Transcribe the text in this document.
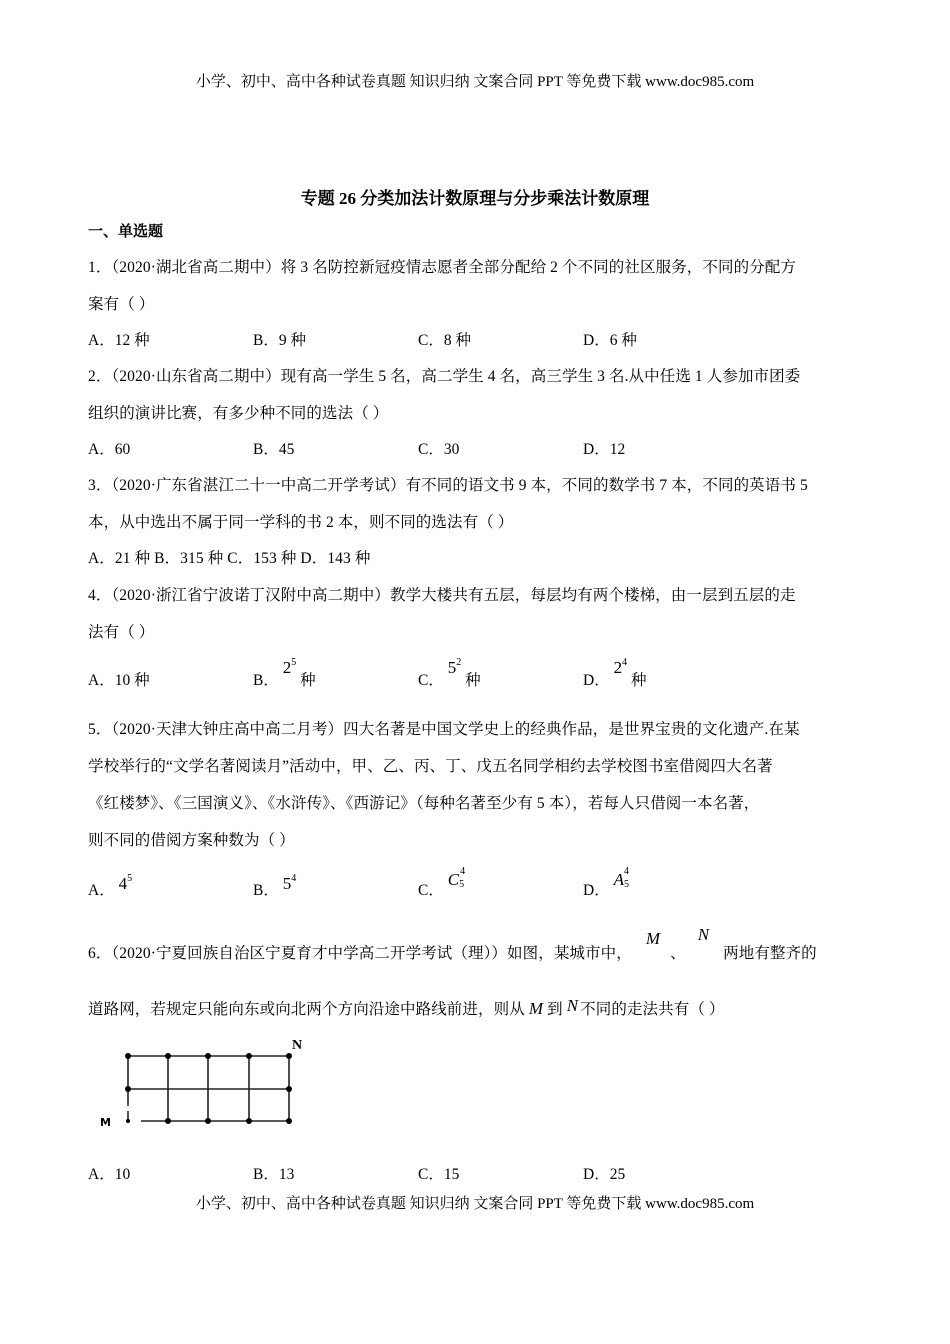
小学、初中、高中各种试卷真题 知识归纳 文案合同 PPT 等免费下载 www.doc985.com
专题 26 分类加法计数原理与分步乘法计数原理
一、单选题
1．（2020·湖北省高二期中）将 3 名防控新冠疫情志愿者全部分配给 2 个不同的社区服务，不同的分配方
案有（ ）
A．12 种	B．9 种	C．8 种	D．6 种
2．（2020·山东省高二期中）现有高一学生 5 名，高二学生 4 名，高三学生 3 名.从中任选 1 人参加市团委
组织的演讲比赛，有多少种不同的选法（ ）
A．60	B．45	C．30	D．12
3．（2020·广东省湛江二十一中高二开学考试）有不同的语文书 9 本，不同的数学书 7 本，不同的英语书 5
本，从中选出不属于同一学科的书 2 本，则不同的选法有（ ）
A．21 种 B．315 种 C．153 种 D．143 种
4．（2020·浙江省宁波诺丁汉附中高二期中）教学大楼共有五层，每层均有两个楼梯，由一层到五层的走
法有（ ）
A．10 种	B． $2^5$ 种	C． $5^2$ 种	D． $2^4$ 种
5．（2020·天津大钟庄高中高二月考）四大名著是中国文学史上的经典作品，是世界宝贵的文化遗产.在某
学校举行的“文学名著阅读月”活动中，甲、乙、丙、丁、戊五名同学相约去学校图书室借阅四大名著
《红楼梦》、《三国演义》、《水浒传》、《西游记》（每种名著至少有 5 本），若每人只借阅一本名著，
则不同的借阅方案种数为（ ）
A． $4^5$
B． $5^4$
C． C 4
5	D． A 4
5
6．（2020·宁夏回族自治区宁夏育才中学高二开学考试（理））如图，某城市中，M、N两地有整齐的
道路网，若规定只能向东或向北两个方向沿途中路线前进，则从 M 到 N 不同的走法共有（ ）
N
M
A．10	B．13	C．15	D．25
小学、初中、高中各种试卷真题 知识归纳 文案合同 PPT 等免费下载 www.doc985.com
